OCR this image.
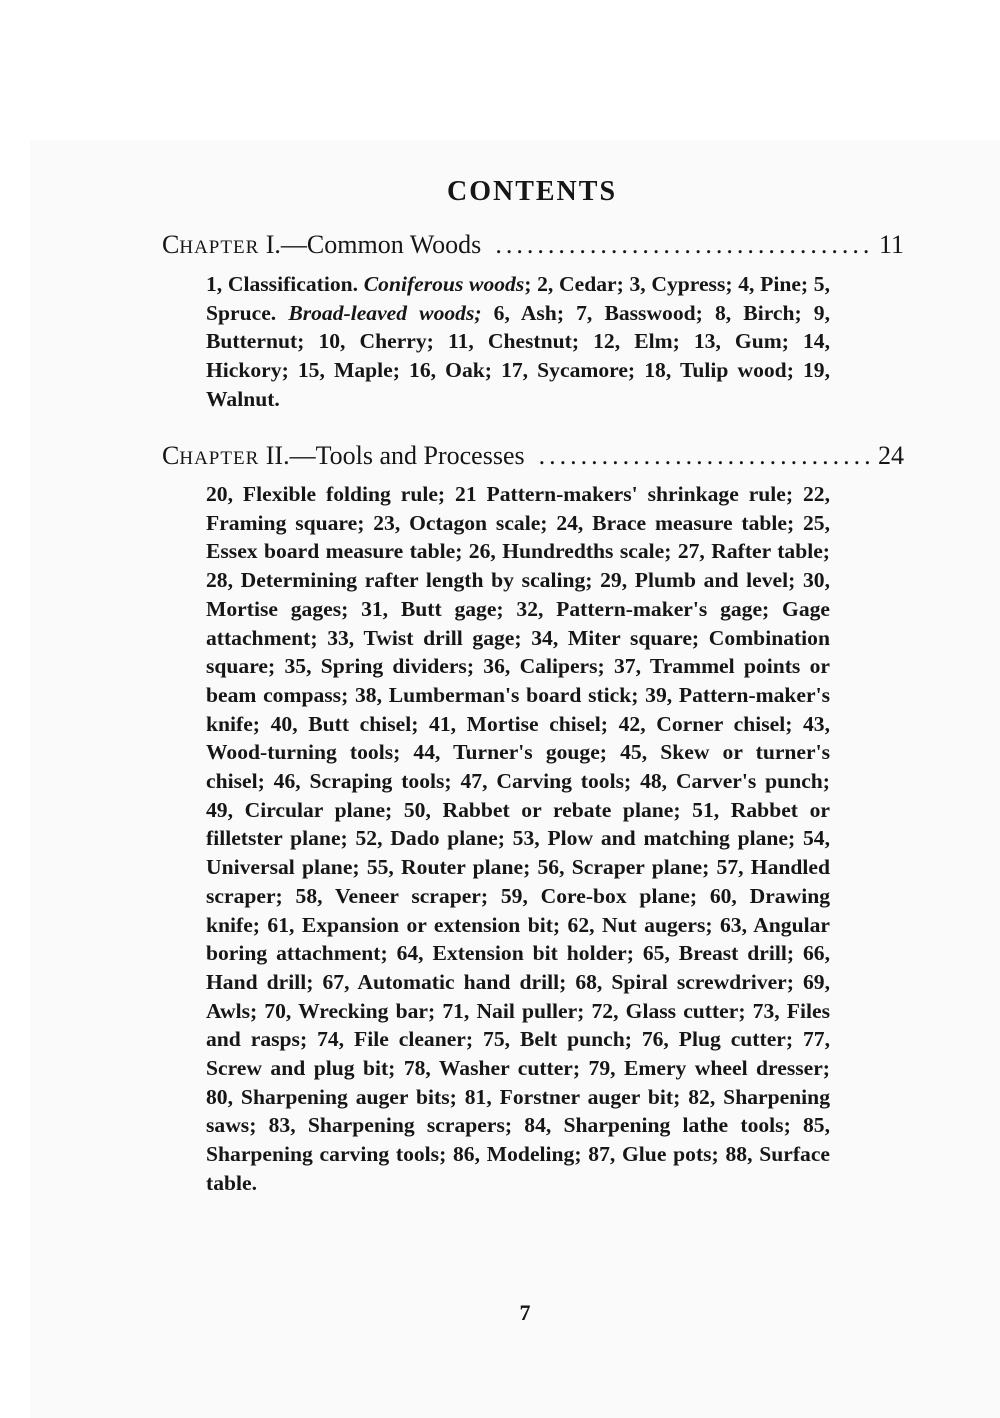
CONTENTS
CHAPTER I.—Common Woods .....	11
1, Classification. Coniferous woods; 2, Cedar; 3, Cypress; 4, Pine; 5, Spruce. Broad-leaved woods; 6, Ash; 7, Basswood; 8, Birch; 9, Butternut; 10, Cherry; 11, Chestnut; 12, Elm; 13, Gum; 14, Hickory; 15, Maple; 16, Oak; 17, Sycamore; 18, Tulip wood; 19, Walnut.
CHAPTER II.—Tools and Processes .....	24
20, Flexible folding rule; 21 Pattern-makers' shrinkage rule; 22, Framing square; 23, Octagon scale; 24, Brace measure table; 25, Essex board measure table; 26, Hundredths scale; 27, Rafter table; 28, Determining rafter length by scaling; 29, Plumb and level; 30, Mortise gages; 31, Butt gage; 32, Pattern-maker's gage; Gage attachment; 33, Twist drill gage; 34, Miter square; Combination square; 35, Spring dividers; 36, Calipers; 37, Trammel points or beam compass; 38, Lumberman's board stick; 39, Pattern-maker's knife; 40, Butt chisel; 41, Mortise chisel; 42, Corner chisel; 43, Wood-turning tools; 44, Turner's gouge; 45, Skew or turner's chisel; 46, Scraping tools; 47, Carving tools; 48, Carver's punch; 49, Circular plane; 50, Rabbet or rebate plane; 51, Rabbet or filletster plane; 52, Dado plane; 53, Plow and matching plane; 54, Universal plane; 55, Router plane; 56, Scraper plane; 57, Handled scraper; 58, Veneer scraper; 59, Core-box plane; 60, Drawing knife; 61, Expansion or extension bit; 62, Nut augers; 63, Angular boring attachment; 64, Extension bit holder; 65, Breast drill; 66, Hand drill; 67, Automatic hand drill; 68, Spiral screwdriver; 69, Awls; 70, Wrecking bar; 71, Nail puller; 72, Glass cutter; 73, Files and rasps; 74, File cleaner; 75, Belt punch; 76, Plug cutter; 77, Screw and plug bit; 78, Washer cutter; 79, Emery wheel dresser; 80, Sharpening auger bits; 81, Forstner auger bit; 82, Sharpening saws; 83, Sharpening scrapers; 84, Sharpening lathe tools; 85, Sharpening carving tools; 86, Modeling; 87, Glue pots; 88, Surface table.
7
